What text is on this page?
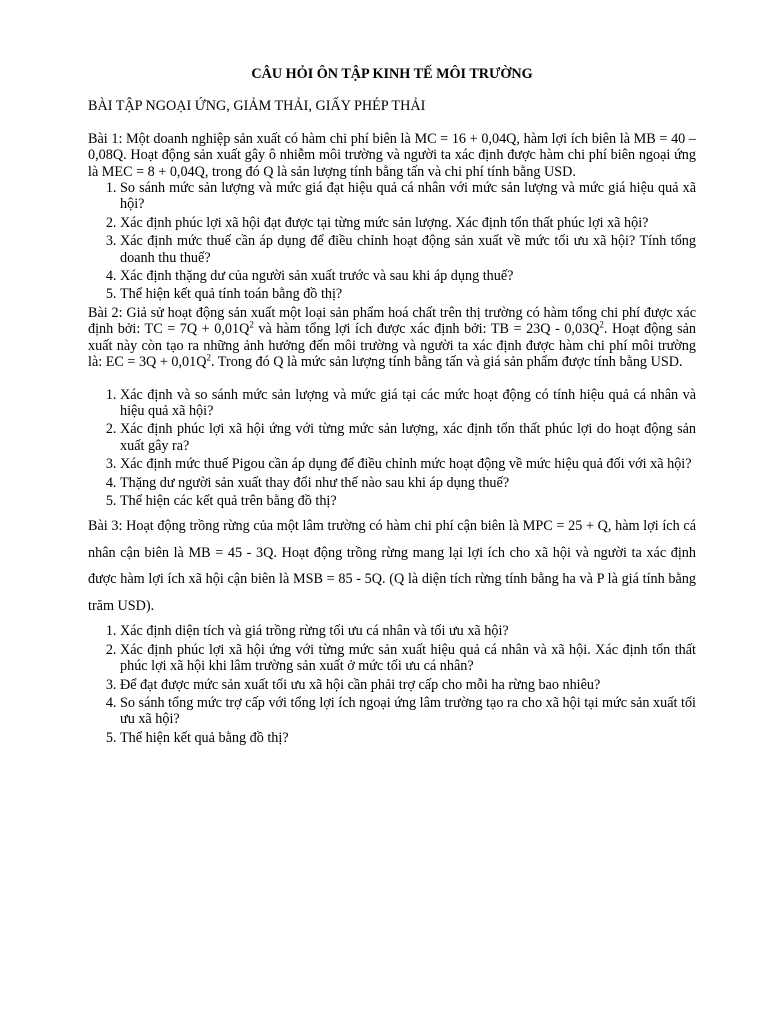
CÂU HỎI ÔN TẬP KINH TẾ MÔI TRƯỜNG
BÀI TẬP NGOẠI ỨNG, GIẢM THẢI, GIẤY PHÉP THẢI

Bài 1: Một doanh nghiệp sản xuất có hàm chi phí biên là MC = 16 + 0,04Q, hàm lợi ích biên là MB = 40 – 0,08Q. Hoạt động sản xuất gây ô nhiễm môi trường và người ta xác định được hàm chi phí biên ngoại ứng là MEC = 8 + 0,04Q, trong đó Q là sản lượng tính bằng tấn và chi phí tính bằng USD.

1. So sánh mức sản lượng và mức giá đạt hiệu quả cá nhân với mức sản lượng và mức giá hiệu quả xã hội?
2. Xác định phúc lợi xã hội đạt được tại từng mức sản lượng. Xác định tổn thất phúc lợi xã hội?
3. Xác định mức thuế cần áp dụng để điều chỉnh hoạt động sản xuất về mức tối ưu xã hội? Tính tổng doanh thu thuế?
4. Xác định thặng dư của người sản xuất trước và sau khi áp dụng thuế?
5. Thể hiện kết quả tính toán bằng đồ thị?

Bài 2: Giả sử hoạt động sản xuất một loại sản phẩm hoá chất trên thị trường có hàm tổng chi phí được xác định bởi: TC = $7Q + 0,01Q^2$ và hàm tổng lợi ích được xác định bởi: TB = $23Q - 0,03Q^2$. Hoạt động sản xuất này còn tạo ra những ảnh hưởng đến môi trường và người ta xác định được hàm chi phí môi trường là: EC = $3Q + 0,01Q^2$. Trong đó Q là mức sản lượng tính bằng tấn và giá sản phẩm được tính bằng USD.

1. Xác định và so sánh mức sản lượng và mức giá tại các mức hoạt động có tính hiệu quả cá nhân và hiệu quả xã hội?
2. Xác định phúc lợi xã hội ứng với từng mức sản lượng, xác định tổn thất phúc lợi do hoạt động sản xuất gây ra?
3. Xác định mức thuế Pigou cần áp dụng để điều chỉnh mức hoạt động về mức hiệu quả đối với xã hội?
4. Thặng dư người sản xuất thay đổi như thế nào sau khi áp dụng thuế?
5. Thể hiện các kết quả trên bằng đồ thị?

Bài 3: Hoạt động trồng rừng của một lâm trường có hàm chi phí cận biên là MPC = 25 + Q, hàm lợi ích cá nhân cận biên là MB = 45 - 3Q. Hoạt động trồng rừng mang lại lợi ích cho xã hội và người ta xác định được hàm lợi ích xã hội cận biên là MSB = 85 - 5Q. (Q là diện tích rừng tính bằng ha và P là giá tính bằng trăm USD).

1. Xác định diện tích và giá trồng rừng tối ưu cá nhân và tối ưu xã hội?
2. Xác định phúc lợi xã hội ứng với từng mức sản xuất hiệu quả cá nhân và xã hội. Xác định tổn thất phúc lợi xã hội khi lâm trường sản xuất ở mức tối ưu cá nhân?
3. Để đạt được mức sản xuất tối ưu xã hội cần phải trợ cấp cho mỗi ha rừng bao nhiêu?
4. So sánh tổng mức trợ cấp với tổng lợi ích ngoại ứng lâm trường tạo ra cho xã hội tại mức sản xuất tối ưu xã hội?
5. Thể hiện kết quả bằng đồ thị?
